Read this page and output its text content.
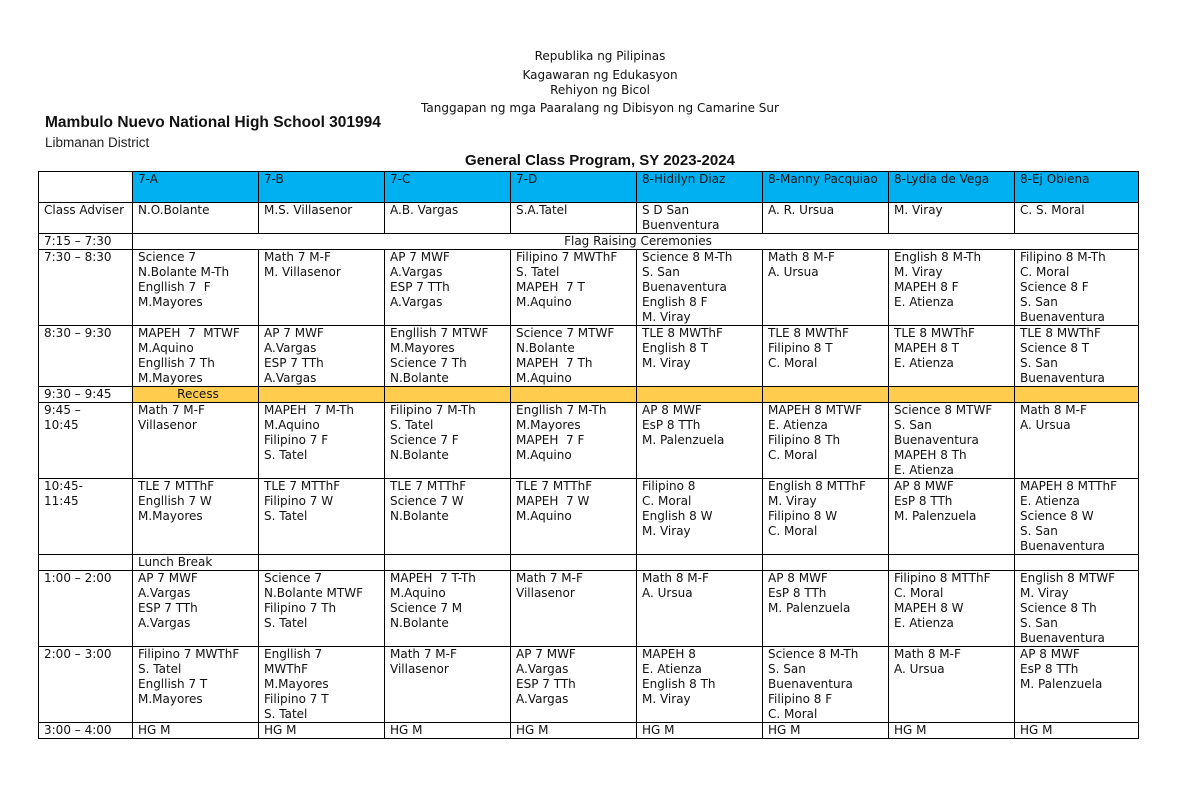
Republika ng Pilipinas
Kagawaran ng Edukasyon
Rehiyon ng Bicol
Tanggapan ng mga Paaralang ng Dibisyon ng Camarine Sur
Mambulo Nuevo National High School 301994
Libmanan District
General Class Program, SY 2023-2024
	7-A	7-B	7-C	7-D	8-Hidilyn Diaz	8-Manny Pacquiao	8-Lydia de Vega	8-Ej Obiena
Class Adviser	N.O.Bolante	M.S. Villasenor	A.B. Vargas	S.A.Tatel	S D San Buenventura	A. R. Ursua	M. Viray	C. S. Moral
7:15 – 7:30	Flag Raising Ceremonies							

7:30 – 8:30	Science 7
N.Bolante M-Th
Engllish 7  F
M.Mayores	Math 7 M-F
M. Villasenor	AP 7 MWF
A.Vargas
ESP 7 TTh
A.Vargas	Filipino 7 MWThF
S. Tatel
MAPEH  7 T
M.Aquino	Science 8 M-Th
S. San
Buenaventura
English 8 F
M. Viray	Math 8 M-F
A. Ursua	English 8 M-Th
M. Viray
MAPEH 8 F
E. Atienza	Filipino 8 M-Th
C. Moral
Science 8 F
S. San
Buenaventura

8:30 – 9:30	MAPEH  7  MTWF
M.Aquino
Engllish 7 Th
M.Mayores	AP 7 MWF
A.Vargas
ESP 7 TTh
A.Vargas	Engllish 7 MTWF
M.Mayores
Science 7 Th
N.Bolante	Science 7 MTWF
N.Bolante
MAPEH  7 Th
M.Aquino	TLE 8 MWThF
English 8 T
M. Viray	TLE 8 MWThF
Filipino 8 T
C. Moral	TLE 8 MWThF
MAPEH 8 T
E. Atienza	TLE 8 MWThF
Science 8 T
S. San
Buenaventura

9:30 – 9:45	Recess							

9:45 –
10:45	Math 7 M-F
Villasenor	MAPEH  7 M-Th
M.Aquino
Filipino 7 F
S. Tatel	Filipino 7 M-Th
S. Tatel
Science 7 F
N.Bolante	Engllish 7 M-Th
M.Mayores
MAPEH  7 F
M.Aquino	AP 8 MWF
EsP 8 TTh
M. Palenzuela	MAPEH 8 MTWF
E. Atienza
Filipino 8 Th
C. Moral	Science 8 MTWF
S. San
Buenaventura
MAPEH 8 Th
E. Atienza	Math 8 M-F
A. Ursua

10:45-
11:45	TLE 7 MTThF
Engllish 7 W
M.Mayores	TLE 7 MTThF
Filipino 7 W
S. Tatel	TLE 7 MTThF
Science 7 W
N.Bolante	TLE 7 MTThF
MAPEH  7 W
M.Aquino	Filipino 8
C. Moral
English 8 W
M. Viray	English 8 MTThF
M. Viray
Filipino 8 W
C. Moral	AP 8 MWF
EsP 8 TTh
M. Palenzuela	MAPEH 8 MTThF
E. Atienza
Science 8 W
S. San
Buenaventura

	Lunch Break							

1:00 – 2:00	AP 7 MWF
A.Vargas
ESP 7 TTh
A.Vargas	Science 7
N.Bolante MTWF
Filipino 7 Th
S. Tatel	MAPEH  7 T-Th
M.Aquino
Science 7 M
N.Bolante	Math 7 M-F
Villasenor	Math 8 M-F
A. Ursua	AP 8 MWF
EsP 8 TTh
M. Palenzuela	Filipino 8 MTThF
C. Moral
MAPEH 8 W
E. Atienza	English 8 MTWF
M. Viray
Science 8 Th
S. San
Buenaventura

2:00 – 3:00	Filipino 7 MWThF
S. Tatel
Engllish 7 T
M.Mayores	Engllish 7
MWThF
M.Mayores
Filipino 7 T
S. Tatel	Math 7 M-F
Villasenor	AP 7 MWF
A.Vargas
ESP 7 TTh
A.Vargas	MAPEH 8
E. Atienza
English 8 Th
M. Viray	Science 8 M-Th
S. San
Buenaventura
Filipino 8 F
C. Moral	Math 8 M-F
A. Ursua	AP 8 MWF
EsP 8 TTh
M. Palenzuela

3:00 – 4:00	HG M	HG M	HG M	HG M	HG M	HG M	HG M	HG M
